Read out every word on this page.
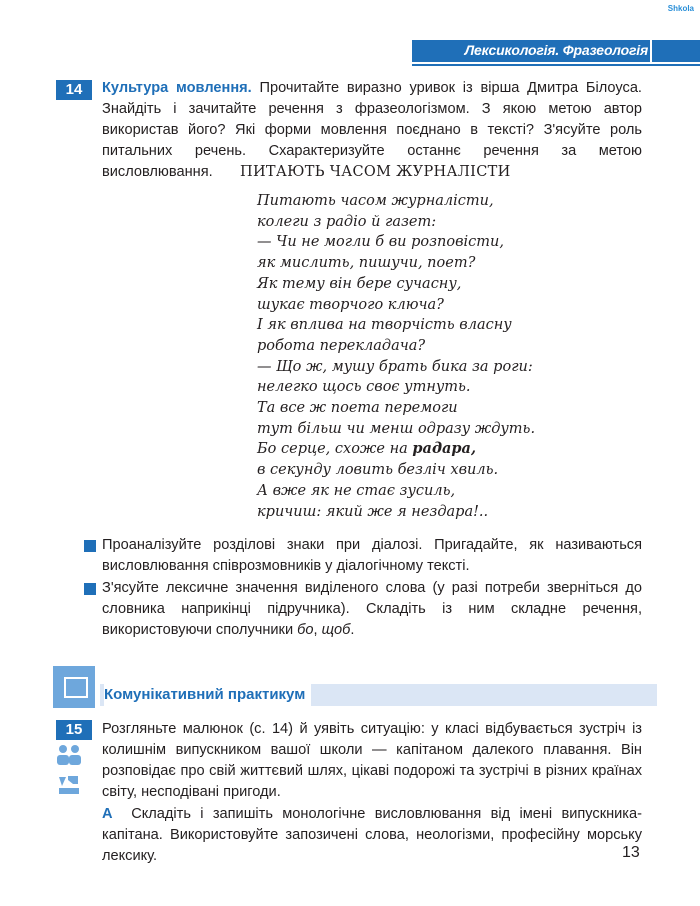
Shkola
Лексикологія. Фразеологія
14	Культура мовлення. Прочитайте виразно уривок із вірша Дмитра Білоуса. Знайдіть і зачитайте речення з фразеологізмом. З якою метою автор використав його? Які форми мовлення поєднано в тексті? З'ясуйте роль питальних речень. Схарактеризуйте останнє речення за метою висловлювання.	ПИТАЮТЬ ЧАСОМ ЖУРНАЛІСТИ
Питають часом журналісти,
колеги з радіо й газет:
— Чи не могли б ви розповісти,
як мислить, пишучи, поет?
Як тему він бере сучасну,
шукає творчого ключа?
І як вплива на творчість власну
робота перекладача?
— Що ж, мушу брать бика за роги:
нелегко щось своє утнуть.
Та все ж поета перемоги
тут більш чи менш одразу ждуть.
Бо серце, схоже на радара,
в секунду ловить безліч хвиль.
А вже як не стає зусиль,
кричиш: який же я нездара!..
Проаналізуйте розділові знаки при діалозі. Пригадайте, як називаються висловлювання співрозмовників у діалогічному тексті.
З'ясуйте лексичне значення виділеного слова (у разі потреби зверніться до словника наприкінці підручника). Складіть із ним складне речення, використовуючи сполучники бо, щоб.
Комунікативний практикум
15	Розгляньте малюнок (с. 14) й уявіть ситуацію: у класі відбувається зустріч із колишнім випускником вашої школи — капітаном далекого плавання. Він розповідає про свій життєвий шлях, цікаві подорожі та зустрічі в різних країнах світу, несподівані пригоди.
А Складіть і запишіть монологічне висловлювання від імені випускника-капітана. Використовуйте запозичені слова, неологізми, професійну морську лексику.	13
